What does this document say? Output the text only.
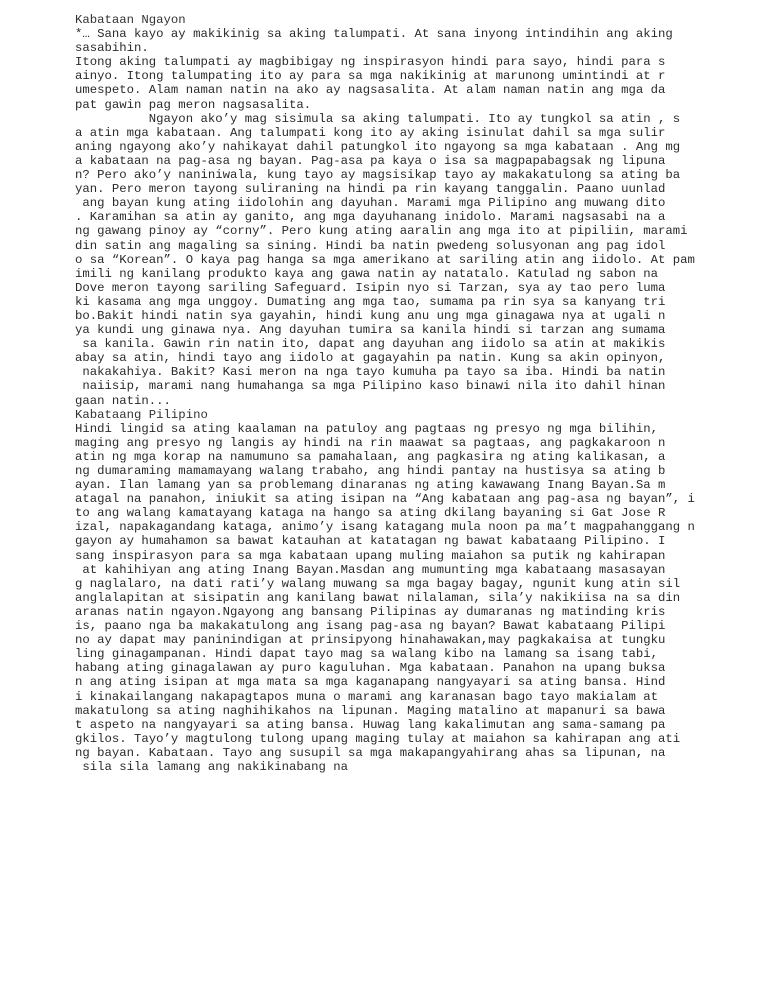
Kabataan Ngayon
*… Sana kayo ay makikinig sa aking talumpati. At sana inyong intindihin ang aking
sasabihin.
Itong aking talumpati ay magbibigay ng inspirasyon hindi para sayo, hindi para s
ainyo. Itong talumpating ito ay para sa mga nakikinig at marunong umintindi at r
umespeto. Alam naman natin na ako ay nagsasalita. At alam naman natin ang mga da
pat gawin pag meron nagsasalita.
Ngayon ako’y mag sisimula sa aking talumpati. Ito ay tungkol sa atin , s
a atin mga kabataan. Ang talumpati kong ito ay aking isinulat dahil sa mga sulir
aning ngayong ako’y nahikayat dahil patungkol ito ngayong sa mga kabataan . Ang mg
a kabataan na pag-asa ng bayan. Pag-asa pa kaya o isa sa magpapabagsak ng lipuna
n? Pero ako’y naniniwala, kung tayo ay magsisikap tayo ay makakatulong sa ating ba
yan. Pero meron tayong suliraning na hindi pa rin kayang tanggalin. Paano uunlad
ang bayan kung ating iidolohin ang dayuhan. Marami mga Pilipino ang muwang dito
. Karamihan sa atin ay ganito, ang mga dayuhanang inidolo. Marami nagsasabi na a
ng gawang pinoy ay “corny”. Pero kung ating aaralin ang mga ito at pipiliin, marami
din satin ang magaling sa sining. Hindi ba natin pwedeng solusyonan ang pag idol
o sa “Korean”. O kaya pag hanga sa mga amerikano at sariling atin ang iidolo. At pam
imili ng kanilang produkto kaya ang gawa natin ay natatalo. Katulad ng sabon na
Dove meron tayong sariling Safeguard. Isipin nyo si Tarzan, sya ay tao pero luma
ki kasama ang mga unggoy. Dumating ang mga tao, sumama pa rin sya sa kanyang tri
bo.Bakit hindi natin sya gayahin, hindi kung anu ung mga ginagawa nya at ugali n
ya kundi ung ginawa nya. Ang dayuhan tumira sa kanila hindi si tarzan ang sumama
sa kanila. Gawin rin natin ito, dapat ang dayuhan ang iidolo sa atin at makikis
abay sa atin, hindi tayo ang iidolo at gagayahin pa natin. Kung sa akin opinyon,
nakakahiya. Bakit? Kasi meron na nga tayo kumuha pa tayo sa iba. Hindi ba natin
naiisip, marami nang humahanga sa mga Pilipino kaso binawi nila ito dahil hinan
gaan natin...
Kabataang Pilipino
Hindi lingid sa ating kaalaman na patuloy ang pagtaas ng presyo ng mga bilihin,
maging ang presyo ng langis ay hindi na rin maawat sa pagtaas, ang pagkakaroon n
atin ng mga korap na namumuno sa pamahalaan, ang pagkasira ng ating kalikasan, a
ng dumaraming mamamayang walang trabaho, ang hindi pantay na hustisya sa ating b
ayan. Ilan lamang yan sa problemang dinaranas ng ating kawawang Inang Bayan.Sa m
atagal na panahon, iniukit sa ating isipan na “Ang kabataan ang pag-asa ng bayan”, i
to ang walang kamatayang kataga na hango sa ating dkilang bayaning si Gat Jose R
izal, napakagandang kataga, animo’y isang katagang mula noon pa ma’t magpahanggang n
gayon ay humahamon sa bawat katauhan at katatagan ng bawat kabataang Pilipino. I
sang inspirasyon para sa mga kabataan upang muling maiahon sa putik ng kahirapan
at kahihiyan ang ating Inang Bayan.Masdan ang mumunting mga kabataang masasayan
g naglalaro, na dati rati’y walang muwang sa mga bagay bagay, ngunit kung atin sil
anglalapitan at sisipatin ang kanilang bawat nilalaman, sila’y nakikiisa na sa din
aranas natin ngayon.Ngayong ang bansang Pilipinas ay dumaranas ng matinding kris
is, paano nga ba makakatulong ang isang pag-asa ng bayan? Bawat kabataang Pilipi
no ay dapat may paninindigan at prinsipyong hinahawakan,may pagkakaisa at tungku
ling ginagampanan. Hindi dapat tayo mag sa walang kibo na lamang sa isang tabi,
habang ating ginagalawan ay puro kaguluhan. Mga kabataan. Panahon na upang buksa
n ang ating isipan at mga mata sa mga kaganapang nangyayari sa ating bansa. Hind
i kinakailangang nakapagtapos muna o marami ang karanasan bago tayo makialam at
makatulong sa ating naghihikahos na lipunan. Maging matalino at mapanuri sa bawa
t aspeto na nangyayari sa ating bansa. Huwag lang kakalimutan ang sama-samang pa
gkilos. Tayo’y magtulong tulong upang maging tulay at maiahon sa kahirapan ang ati
ng bayan. Kabataan. Tayo ang susupil sa mga makapangyahirang ahas sa lipunan, na
sila sila lamang ang nakikinabang na
